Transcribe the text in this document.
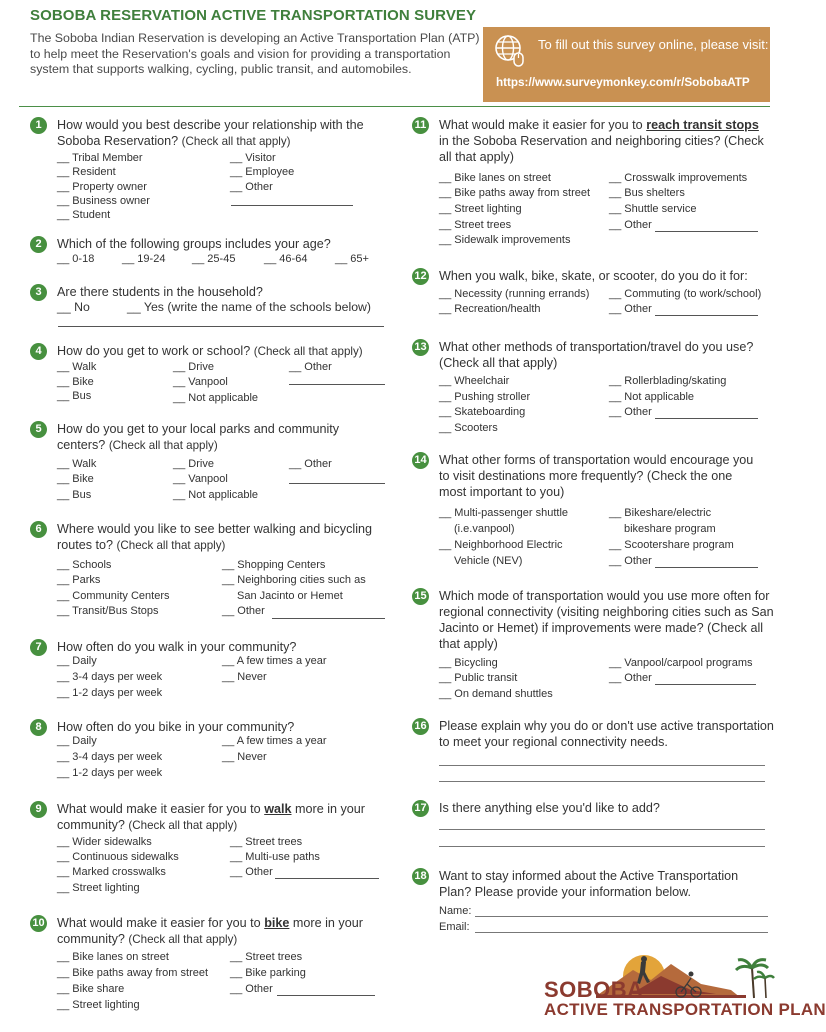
SOBOBA RESERVATION ACTIVE TRANSPORTATION SURVEY
The Soboba Indian Reservation is developing an Active Transportation Plan (ATP) to help meet the Reservation's goals and vision for providing a transportation system that supports walking, cycling, public transit, and automobiles.
To fill out this survey online, please visit:
https://www.surveymonkey.com/r/SobobaATP
1	How would you best describe your relationship with the Soboba Reservation? (Check all that apply)
__ Tribal Member
__ Resident
__ Property owner
__ Business owner
__ Student
__ Visitor
__ Employee
__ Other
2	Which of the following groups includes your age?
__ 0-18	__ 19-24 __ 25-45	__ 46-64	__ 65+
3	Are there students in the household?
__ No	__ Yes (write the name of the schools below)
4	How do you get to work or school? (Check all that apply)
__ Walk
__ Bike
__ Bus
__ Drive
__ Vanpool
__ Not applicable
__ Other
5	How do you get to your local parks and community centers? (Check all that apply)
__ Walk
__ Bike
__ Bus
__ Drive
__ Vanpool
__ Not applicable
__ Other
6	Where would you like to see better walking and bicycling routes to? (Check all that apply)
__ Schools
__ Parks
__ Community Centers
__ Transit/Bus Stops
__ Shopping Centers
__ Neighboring cities such as
San Jacinto or Hemet
__ Other
7	How often do you walk in your community?
__ Daily
__ 3-4 days per week
__ 1-2 days per week
__ A few times a year
__ Never
8	How often do you bike in your community?
__ Daily
__ 3-4 days per week
__ 1-2 days per week
__ A few times a year
__ Never
9	What would make it easier for you to walk more in your community? (Check all that apply)
__ Wider sidewalks
__ Continuous sidewalks
__ Marked crosswalks
__ Street lighting
__ Street trees
__ Multi-use paths
__ Other
10 What would make it easier for you to bike more in your community? (Check all that apply)
__ Bike lanes on street
__ Bike paths away from street
__ Bike share
__ Street lighting
__ Street trees
__ Bike parking
__ Other
11 What would make it easier for you to reach transit stops in the Soboba Reservation and neighboring cities? (Check all that apply)
__ Bike lanes on street
__ Bike paths away from street
__ Street lighting
__ Street trees
__ Sidewalk improvements
__ Crosswalk improvements
__ Bus shelters
__ Shuttle service
__ Other
12 When you walk, bike, skate, or scooter, do you do it for:
__ Necessity (running errands)
__ Recreation/health
__ Commuting (to work/school)
__ Other
13 What other methods of transportation/travel do you use? (Check all that apply)
__ Wheelchair
__ Pushing stroller
__ Skateboarding
__ Scooters
__ Rollerblading/skating
__ Not applicable
__ Other
14 What other forms of transportation would encourage you to visit destinations more frequently? (Check the one most important to you)
__ Multi-passenger shuttle
(i.e.vanpool)
__ Neighborhood Electric
Vehicle (NEV)
__ Bikeshare/electric
bikeshare program
__ Scootershare program
__ Other
15 Which mode of transportation would you use more often for regional connectivity (visiting neighboring cities such as San Jacinto or Hemet) if improvements were made? (Check all that apply)
__ Bicycling
__ Public transit
__ On demand shuttles
__ Vanpool/carpool programs
__ Other
16 Please explain why you do or don't use active transportation to meet your regional connectivity needs.
17 Is there anything else you'd like to add?
18 Want to stay informed about the Active Transportation Plan? Please provide your information below.
Name:
Email:
SOBOBA
ACTIVE TRANSPORTATION PLAN
